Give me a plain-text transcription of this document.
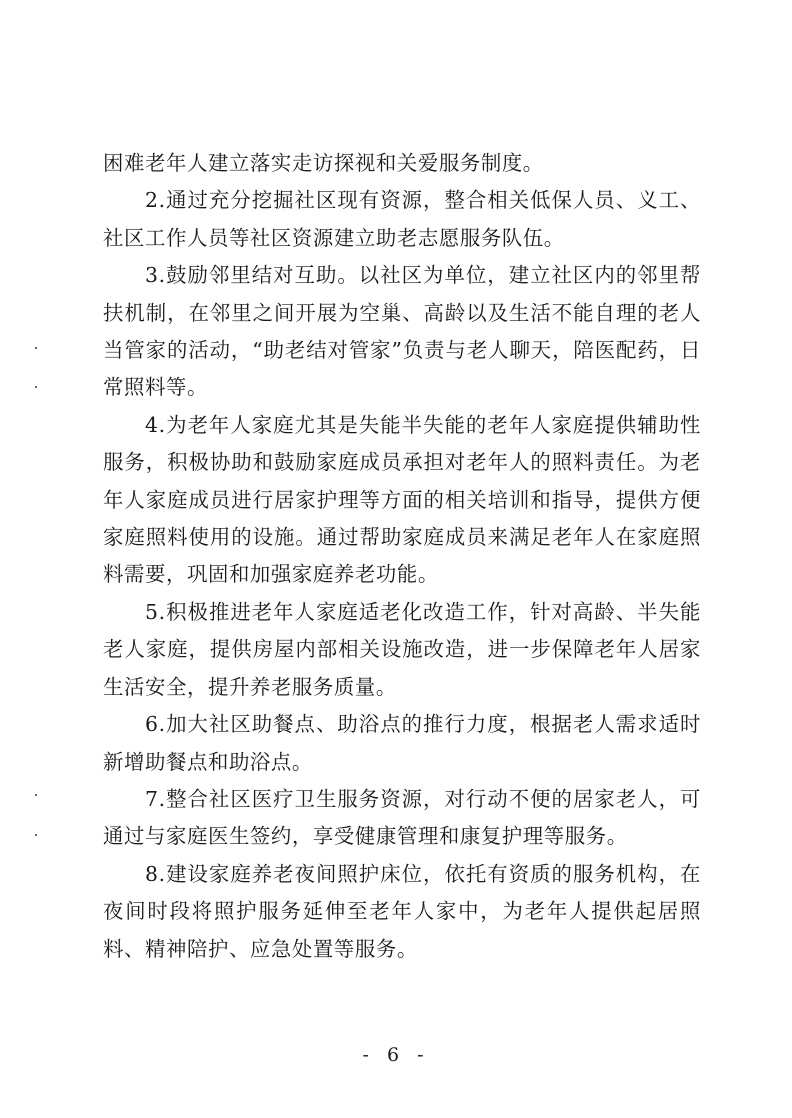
困难老年人建立落实走访探视和关爱服务制度。

2.通过充分挖掘社区现有资源，整合相关低保人员、义工、社区工作人员等社区资源建立助老志愿服务队伍。

3.鼓励邻里结对互助。以社区为单位，建立社区内的邻里帮扶机制，在邻里之间开展为空巢、高龄以及生活不能自理的老人当管家的活动，“助老结对管家”负责与老人聊天，陪医配药，日常照料等。

4.为老年人家庭尤其是失能半失能的老年人家庭提供辅助性服务，积极协助和鼓励家庭成员承担对老年人的照料责任。为老年人家庭成员进行居家护理等方面的相关培训和指导，提供方便家庭照料使用的设施。通过帮助家庭成员来满足老年人在家庭照料需要，巩固和加强家庭养老功能。

5.积极推进老年人家庭适老化改造工作，针对高龄、半失能老人家庭，提供房屋内部相关设施改造，进一步保障老年人居家生活安全，提升养老服务质量。

6.加大社区助餐点、助浴点的推行力度，根据老人需求适时新增助餐点和助浴点。

7.整合社区医疗卫生服务资源，对行动不便的居家老人，可通过与家庭医生签约，享受健康管理和康复护理等服务。

8.建设家庭养老夜间照护床位，依托有资质的服务机构，在夜间时段将照护服务延伸至老年人家中，为老年人提供起居照料、精神陪护、应急处置等服务。

- 6 -
